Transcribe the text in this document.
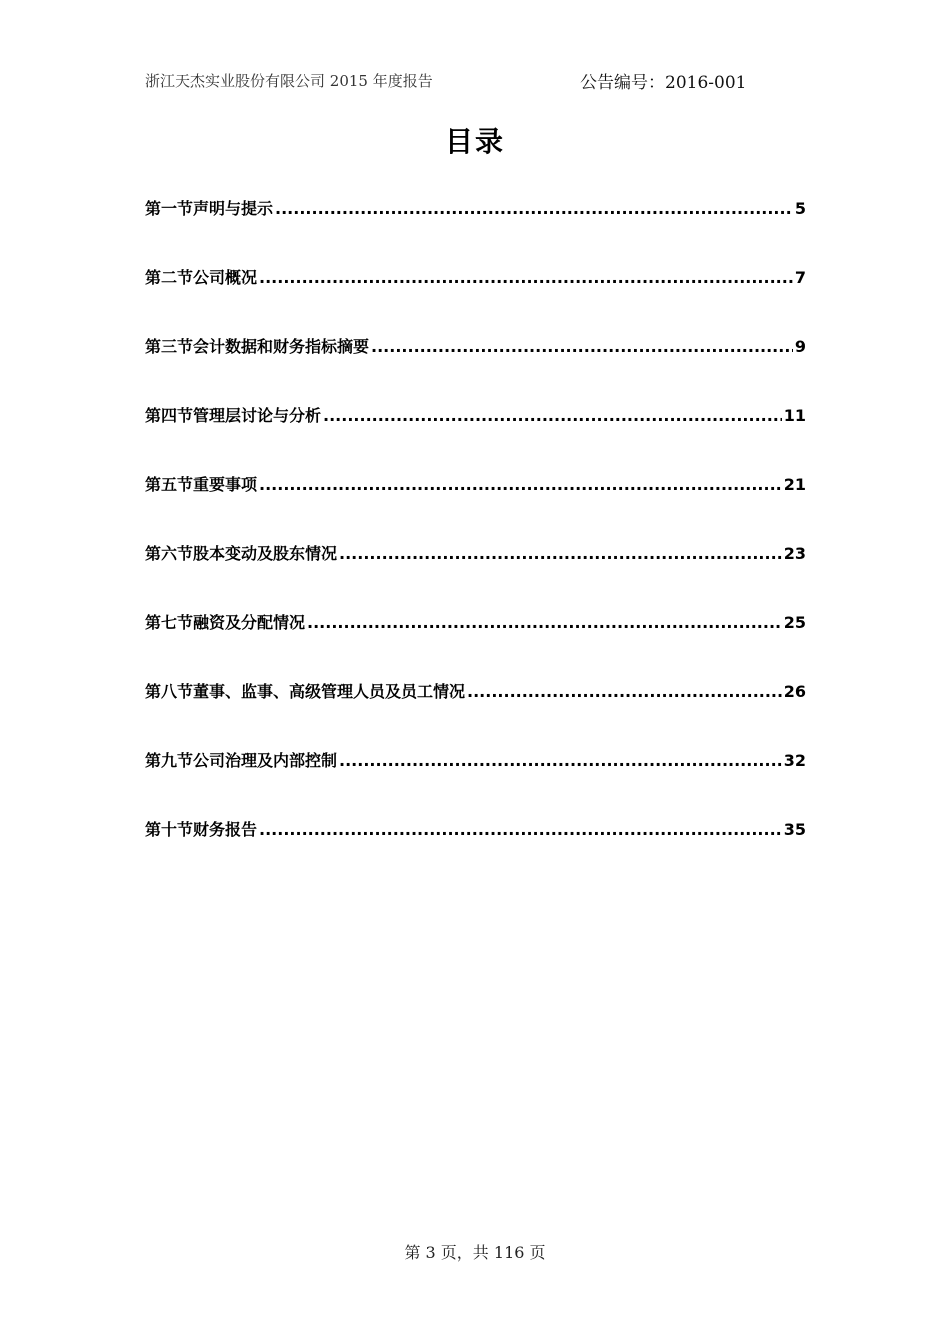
浙江天杰实业股份有限公司 2015 年度报告	公告编号：2016-001
目录
第一节声明与提示 .....	5
第二节公司概况 .....	7
第三节会计数据和财务指标摘要 .....	9
第四节管理层讨论与分析 .....	11
第五节重要事项 .....	21
第六节股本变动及股东情况 .....	23
第七节融资及分配情况 .....	25
第八节董事、监事、高级管理人员及员工情况 .....	26
第九节公司治理及内部控制 .....	32
第十节财务报告 .....	35
第 3 页，共 116 页
